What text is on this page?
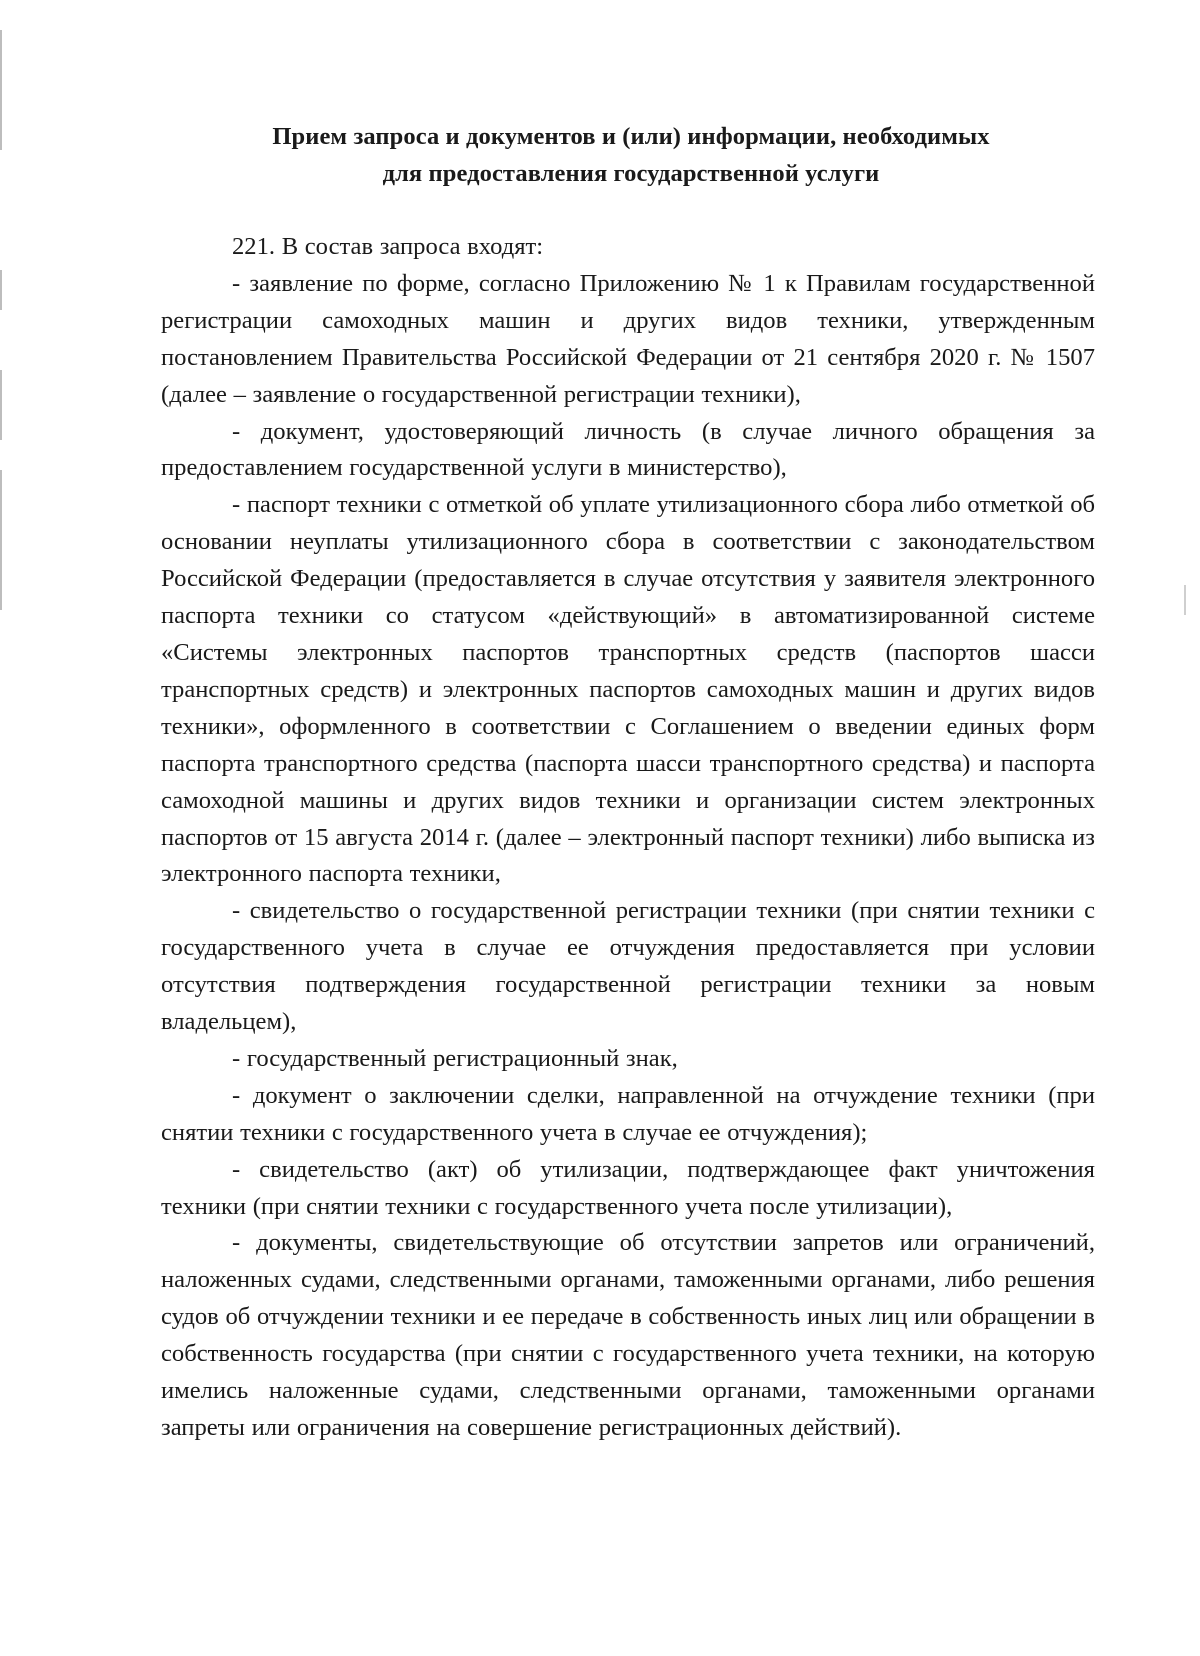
Прием запроса и документов и (или) информации, необходимых
для предоставления государственной услуги

221. В состав запроса входят:

- заявление по форме, согласно Приложению № 1 к Правилам государственной регистрации самоходных машин и других видов техники, утвержденным постановлением Правительства Российской Федерации от 21 сентября 2020 г. № 1507 (далее – заявление о государственной регистрации техники),

- документ, удостоверяющий личность (в случае личного обращения за предоставлением государственной услуги в министерство),

- паспорт техники с отметкой об уплате утилизационного сбора либо отметкой об основании неуплаты утилизационного сбора в соответствии с законодательством Российской Федерации (предоставляется в случае отсутствия у заявителя электронного паспорта техники со статусом «действующий» в автоматизированной системе «Системы электронных паспортов транспортных средств (паспортов шасси транспортных средств) и электронных паспортов самоходных машин и других видов техники», оформленного в соответствии с Соглашением о введении единых форм паспорта транспортного средства (паспорта шасси транспортного средства) и паспорта самоходной машины и других видов техники и организации систем электронных паспортов от 15 августа 2014 г. (далее – электронный паспорт техники) либо выписка из электронного паспорта техники,

- свидетельство о государственной регистрации техники (при снятии техники с государственного учета в случае ее отчуждения предоставляется при условии отсутствия подтверждения государственной регистрации техники за новым владельцем),

- государственный регистрационный знак,

- документ о заключении сделки, направленной на отчуждение техники (при снятии техники с государственного учета в случае ее отчуждения);

- свидетельство (акт) об утилизации, подтверждающее факт уничтожения техники (при снятии техники с государственного учета после утилизации),

- документы, свидетельствующие об отсутствии запретов или ограничений, наложенных судами, следственными органами, таможенными органами, либо решения судов об отчуждении техники и ее передаче в собственность иных лиц или обращении в собственность государства (при снятии с государственного учета техники, на которую имелись наложенные судами, следственными органами, таможенными органами запреты или ограничения на совершение регистрационных действий).
